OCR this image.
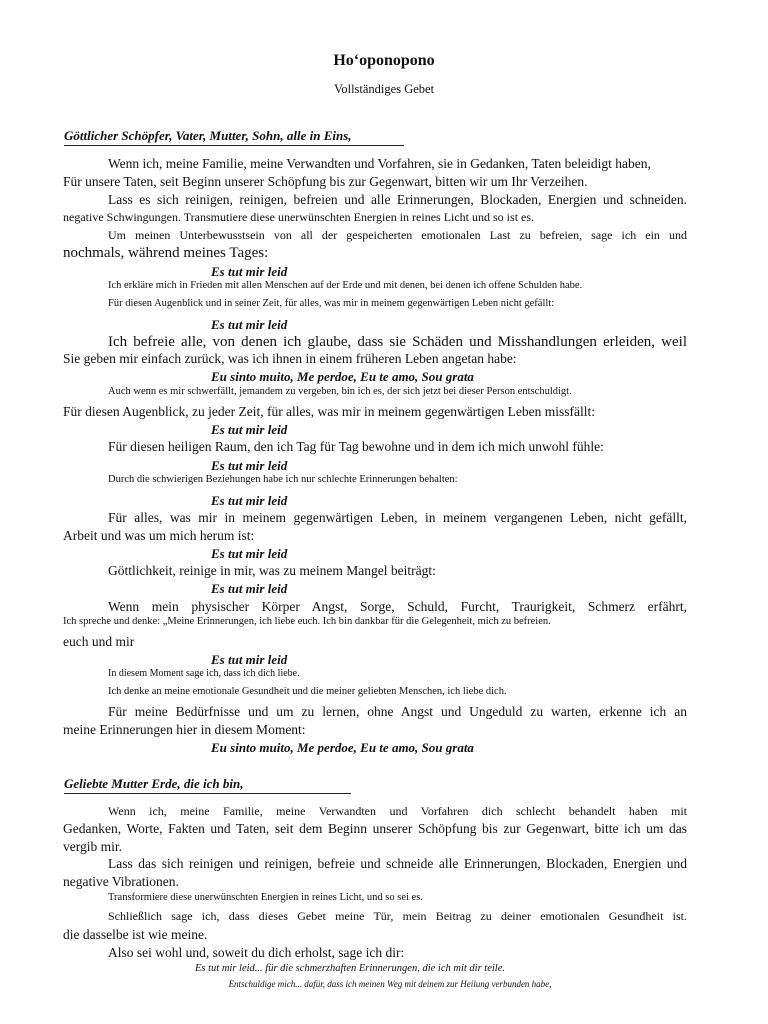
Hoʻoponopono
Vollständiges Gebet
Göttlicher Schöpfer, Vater, Mutter, Sohn, alle in Eins,
Wenn ich, meine Familie, meine Verwandten und Vorfahren, sie in Gedanken, Taten beleidigt haben,
Für unsere Taten, seit Beginn unserer Schöpfung bis zur Gegenwart, bitten wir um Ihr Verzeihen.
Lass es sich reinigen, reinigen, befreien und alle Erinnerungen, Blockaden, Energien und schneiden.
negative Schwingungen. Transmutiere diese unerwünschten Energien in reines Licht und so ist es.
Um meinen Unterbewusstsein von all der gespeicherten emotionalen Last zu befreien, sage ich ein und
nochmals, während meines Tages:
Es tut mir leid
Ich erkläre mich in Frieden mit allen Menschen auf der Erde und mit denen, bei denen ich offene Schulden habe.
Für diesen Augenblick und in seiner Zeit, für alles, was mir in meinem gegenwärtigen Leben nicht gefällt:
Es tut mir leid
Ich befreie alle, von denen ich glaube, dass sie Schäden und Misshandlungen erleiden, weil
Sie geben mir einfach zurück, was ich ihnen in einem früheren Leben angetan habe:
Eu sinto muito, Me perdoe, Eu te amo, Sou grata
Auch wenn es mir schwerfällt, jemandem zu vergeben, bin ich es, der sich jetzt bei dieser Person entschuldigt.
Für diesen Augenblick, zu jeder Zeit, für alles, was mir in meinem gegenwärtigen Leben missfällt:
Es tut mir leid
Für diesen heiligen Raum, den ich Tag für Tag bewohne und in dem ich mich unwohl fühle:
Es tut mir leid
Durch die schwierigen Beziehungen habe ich nur schlechte Erinnerungen behalten:
Es tut mir leid
Für alles, was mir in meinem gegenwärtigen Leben, in meinem vergangenen Leben, nicht gefällt,
Arbeit und was um mich herum ist:
Es tut mir leid
Göttlichkeit, reinige in mir, was zu meinem Mangel beiträgt:
Es tut mir leid
Wenn mein physischer Körper Angst, Sorge, Schuld, Furcht, Traurigkeit, Schmerz erfährt,
Ich spreche und denke: „Meine Erinnerungen, ich liebe euch. Ich bin dankbar für die Gelegenheit, mich zu befreien.
euch und mir
Es tut mir leid
In diesem Moment sage ich, dass ich dich liebe.
Ich denke an meine emotionale Gesundheit und die meiner geliebten Menschen, ich liebe dich.
Für meine Bedürfnisse und um zu lernen, ohne Angst und Ungeduld zu warten, erkenne ich an
meine Erinnerungen hier in diesem Moment:
Eu sinto muito, Me perdoe, Eu te amo, Sou grata
Geliebte Mutter Erde, die ich bin,
Wenn ich, meine Familie, meine Verwandten und Vorfahren dich schlecht behandelt haben mit
Gedanken, Worte, Fakten und Taten, seit dem Beginn unserer Schöpfung bis zur Gegenwart, bitte ich um das
vergib mir.
Lass das sich reinigen und reinigen, befreie und schneide alle Erinnerungen, Blockaden, Energien und
negative Vibrationen.
Transformiere diese unerwünschten Energien in reines Licht, und so sei es.
Schließlich sage ich, dass dieses Gebet meine Tür, mein Beitrag zu deiner emotionalen Gesundheit ist.
die dasselbe ist wie meine.
Also sei wohl und, soweit du dich erholst, sage ich dir:
Es tut mir leid... für die schmerzhaften Erinnerungen, die ich mit dir teile.
Entschuldige mich... dafür, dass ich meinen Weg mit deinem zur Heilung verbunden habe,
